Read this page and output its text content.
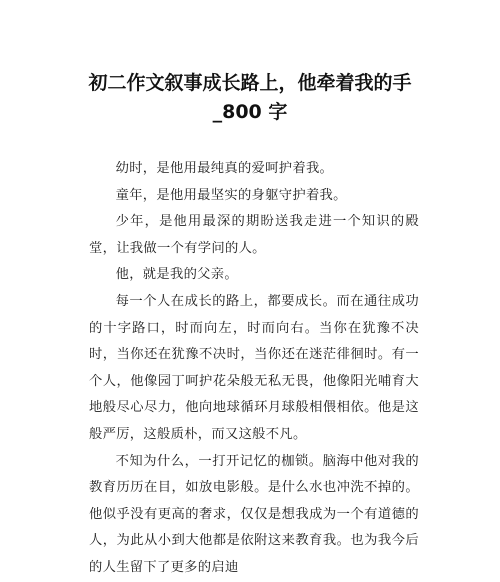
初二作文叙事成长路上，他牵着我的手
_800 字

幼时，是他用最纯真的爱呵护着我。

童年，是他用最坚实的身躯守护着我。

少年，是他用最深的期盼送我走进一个知识的殿堂，让我做一个有学问的人。

他，就是我的父亲。

每一个人在成长的路上，都要成长。而在通往成功的十字路口，时而向左，时而向右。当你在犹豫不决时，当你还在犹豫不决时，当你还在迷茫徘徊时。有一个人，他像园丁呵护花朵般无私无畏，他像阳光哺育大地般尽心尽力，他向地球循环月球般相偎相依。他是这般严厉，这般质朴，而又这般不凡。

不知为什么，一打开记忆的枷锁。脑海中他对我的教育历历在目，如放电影般。是什么水也冲洗不掉的。他似乎没有更高的奢求，仅仅是想我成为一个有道德的人，为此从小到大他都是依附这来教育我。也为我今后的人生留下了更多的启迪
